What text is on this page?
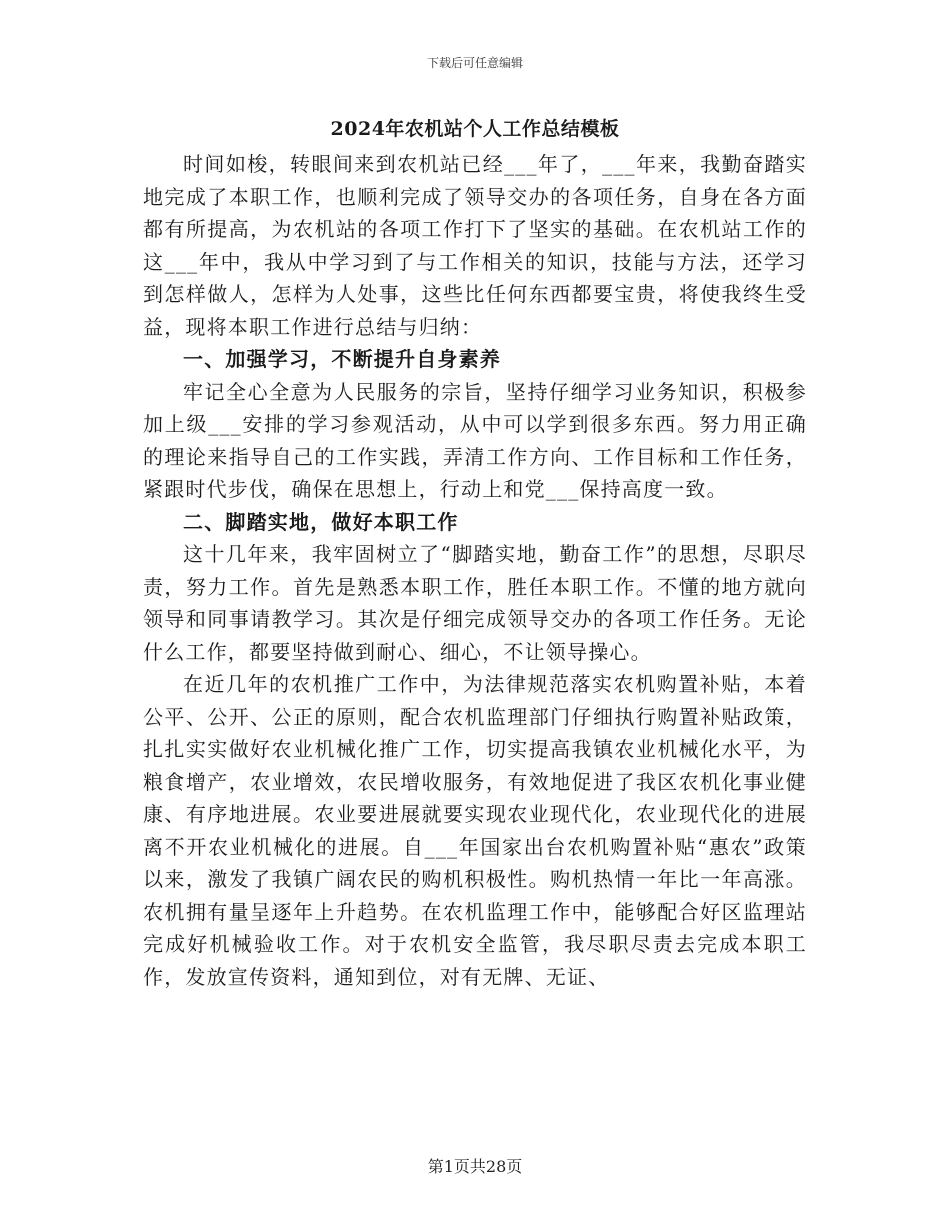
下载后可任意编辑
2024年农机站个人工作总结模板

时间如梭，转眼间来到农机站已经___年了，___年来，我勤奋踏实地完成了本职工作，也顺利完成了领导交办的各项任务，自身在各方面都有所提高，为农机站的各项工作打下了坚实的基础。在农机站工作的这___年中，我从中学习到了与工作相关的知识，技能与方法，还学习到怎样做人，怎样为人处事，这些比任何东西都要宝贵，将使我终生受益，现将本职工作进行总结与归纳：

一、加强学习，不断提升自身素养

牢记全心全意为人民服务的宗旨，坚持仔细学习业务知识，积极参加上级___安排的学习参观活动，从中可以学到很多东西。努力用正确的理论来指导自己的工作实践，弄清工作方向、工作目标和工作任务，紧跟时代步伐，确保在思想上，行动上和党___保持高度一致。

二、脚踏实地，做好本职工作

这十几年来，我牢固树立了“脚踏实地，勤奋工作”的思想，尽职尽责，努力工作。首先是熟悉本职工作，胜任本职工作。不懂的地方就向领导和同事请教学习。其次是仔细完成领导交办的各项工作任务。无论什么工作，都要坚持做到耐心、细心，不让领导操心。

在近几年的农机推广工作中，为法律规范落实农机购置补贴，本着公平、公开、公正的原则，配合农机监理部门仔细执行购置补贴政策，扎扎实实做好农业机械化推广工作，切实提高我镇农业机械化水平，为粮食增产，农业增效，农民增收服务，有效地促进了我区农机化事业健康、有序地进展。农业要进展就要实现农业现代化，农业现代化的进展离不开农业机械化的进展。自___年国家出台农机购置补贴“惠农”政策以来，激发了我镇广阔农民的购机积极性。购机热情一年比一年高涨。农机拥有量呈逐年上升趋势。在农机监理工作中，能够配合好区监理站完成好机械验收工作。对于农机安全监管，我尽职尽责去完成本职工作，发放宣传资料，通知到位，对有无牌、无证、

第1页共28页
